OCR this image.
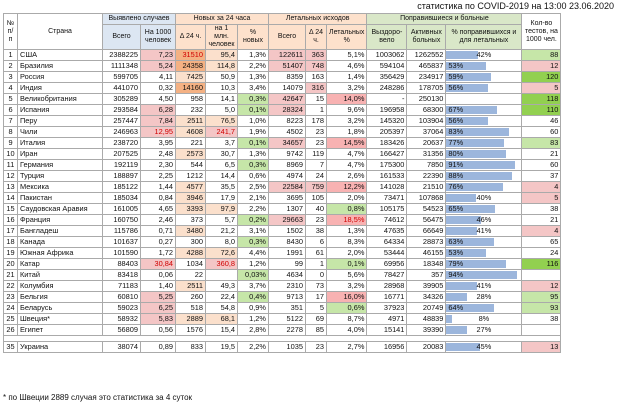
статистика по COVID-2019 на 13:00 23.06.2020
№ п/п	Страна	Выявлено случаев		Новых за 24 часа			Летальных исходов			Поправившиеся и больные			Кол-во тестов, на 1000 чел.
		Всего	На 1000 человек	Δ 24 ч.	на 1 млн. человек	% новых	Всего	Δ 24 ч.	Летальных %	Выздоро-вело	Активных больных	% поправившихся и для летальных	
1	США	2388225	7,23	31510	95,4	1,3%	122611	363	5,1%	1003062	1262552	42%	88
2	Бразилия	1111348	5,24	24358	114,8	2,2%	51407	748	4,6%	594104	465837	53%	12
3	Россия	599705	4,11	7425	50,9	1,3%	8359	163	1,4%	356429	234917	59%	120
4	Индия	441070	0,32	14160	10,3	3,4%	14079	316	3,2%	248286	178705	56%	5
5	Великобритания	305289	4,50	958	14,1	0,3%	42647	15	14,0%	-	250130		118
6	Испания	293584	6,28	232	5,0	0,1%	28324	1	9,6%	196958	68300	67%	110
7	Перу	257447	7,84	2511	76,5	1,0%	8223	178	3,2%	145320	103904	56%	46
8	Чили	246963	12,95	4608	241,7	1,9%	4502	23	1,8%	205397	37064	83%	60
9	Италия	238720	3,95	221	3,7	0,1%	34657	23	14,5%	183426	20637	77%	83
10	Иран	207525	2,48	2573	30,7	1,3%	9742	119	4,7%	166427	31356	80%	21
11	Германия	192119	2,30	544	6,5	0,3%	8969	7	4,7%	175300	7850	91%	60
12	Турция	188897	2,25	1212	14,4	0,6%	4974	24	2,6%	161533	22390	88%	37
13	Мексика	185122	1,44	4577	35,5	2,5%	22584	759	12,2%	141028	21510	76%	4
14	Пакистан	185034	0,84	3946	17,9	2,1%	3695	105	2,0%	73471	107868	40%	5
15	Саудовская Аравия	161005	4,65	3393	97,9	2,2%	1307	40	0,8%	105175	54523	65%	38
16	Франция	160750	2,46	373	5,7	0,2%	29663	23	18,5%	74612	56475	46%	21
17	Бангладеш	115786	0,71	3480	21,2	3,1%	1502	38	1,3%	47635	66649	41%	4
18	Канада	101637	0,27	300	8,0	0,3%	8430	6	8,3%	64334	28873	63%	65
19	Южная Африка	101590	1,72	4288	72,6	4,4%	1991	61	2,0%	53444	46155	53%	24
20	Катар	88403	30,84	1034	360,8	1,2%	99	1	0,1%	69956	18348	79%	116
21	Китай	83418	0,06	22		0,03%	4634	0	5,6%	78427	357	94%	
22	Колумбия	71183	1,40	2511	49,3	3,7%	2310	73	3,2%	28968	39905	41%	12
23	Бельгия	60810	5,25	260	22,4	0,4%	9713	17	16,0%	16771	34326	28%	95
24	Беларусь	59023	6,25	518	54,8	0,9%	351	5	0,6%	37923	20749	64%	93
25	Швеция*	58932	5,83	2889	68,1	1,2%	5122	69	8,7%	4971	48839	8%	38
26	Египет	56809	0,56	1576	15,4	2,8%	2278	85	4,0%	15141	39390	27%	

35	Украина	38074	0,89	833	19,5	2,2%	1035	23	2,7%	16956	20083	45%	13
* по Швеции 2889 случая это статистика за 4 суток
